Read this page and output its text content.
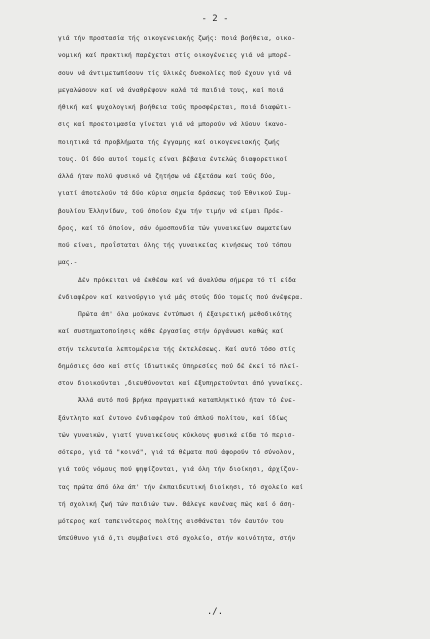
- 2 -
γιά τήν προστασία τής οικογενειακής ζωής: ποιά βοήθεια, οικο-
νομική καί πρακτική παρέχεται στίς οικογένειες γιά νά μπορέ-
σουν νά άντιμετωπίσουν τίς ύλικές δυσκολίες πού έχουν γιά νά
μεγαλώσουν καί νά άναθρέψουν καλά τά παιδιά τους, καί ποιά
ήθική καί ψυχολογική βοήθεια τούς προσφέρεται, ποιά διαφώτι-
σις καί προετοιμασία γίνεται γιά νά μπορούν νά λύουν ίκανο-
ποιητικά τά προβλήματα τής έγγαμης καί οικογενειακής ζωής
τους. Οί δύο αυτοί τομείς είναι βέβαια έντελώς διαφορετικοί
άλλά ήταν πολύ φυσικό νά ζητήσω νά έξετάσω καί τούς δύο,
γιατί άποτελούν τά δύο κύρια σημεία δράσεως τού Έθνικού Συμ-
βουλίου Έλληνίδων, τού όποίου έχω τήν τιμήν νά είμαι Πρόε-
δρος, καί τό όποίον, σάν όμοσπονδία τών γυναικείων σωματείων
πού είναι, προΐσταται όλης τής γυναικείας κινήσεως τού τόπου
μας.-
Δέν πρόκειται νά έκθέσω καί νά άναλύσω σήμερα τό τί είδα
ένδιαφέρον καί καινούργιο γιά μάς στούς δύο τομείς πού άνέφερα.
Πρώτα άπ' όλα μούκανε έντύπωσι ή έξαιρετική μεθοδικότης
καί συστηματοποίησις κάθε έργασίας στήν όργάνωσι καθώς καί
στήν τελευταία λεπτομέρεια τής έκτελέσεως. Καί αυτό τόσο στίς
δημόσιες όσο καί στίς ίδιωτικές ύπηρεσίες πού δέ έκεί τό πλεί-
στον διοικούνται ,διευθύνονται καί έξυπηρετούνται άπό γυναίκες.
Άλλά αυτό πού βρήκα πραγματικά καταπληκτικό ήταν τό ένε-
ξάντλητο καί έντονο ένδιαφέρον τού άπλού πολίτου, καί ίδίως
τών γυναικών, γιατί γυναικείους κύκλους φυσικά είδα τό περισ-
σότερο, γιά τά "κοινά", γιά τά θέματα πού άφορούν τό σύνολον,
γιά τούς νόμους πού ψηφίζονται, γιά όλη τήν διοίκησι, άρχίζον-
τας πρώτα άπό όλα άπ' τήν έκπαιδευτική διοίκησι, τό σχολείο καί
τή σχολική ζωή τών παιδιών των. Θάλεγε κανένας πώς καί ό άση-
μότερος καί ταπεινότερος πολίτης αισθάνεται τόν έαυτόν του
ύπεύθυνο γιά ό,τι συμβαίνει στό σχολείο, στήν κοινότητα, στήν
./.
